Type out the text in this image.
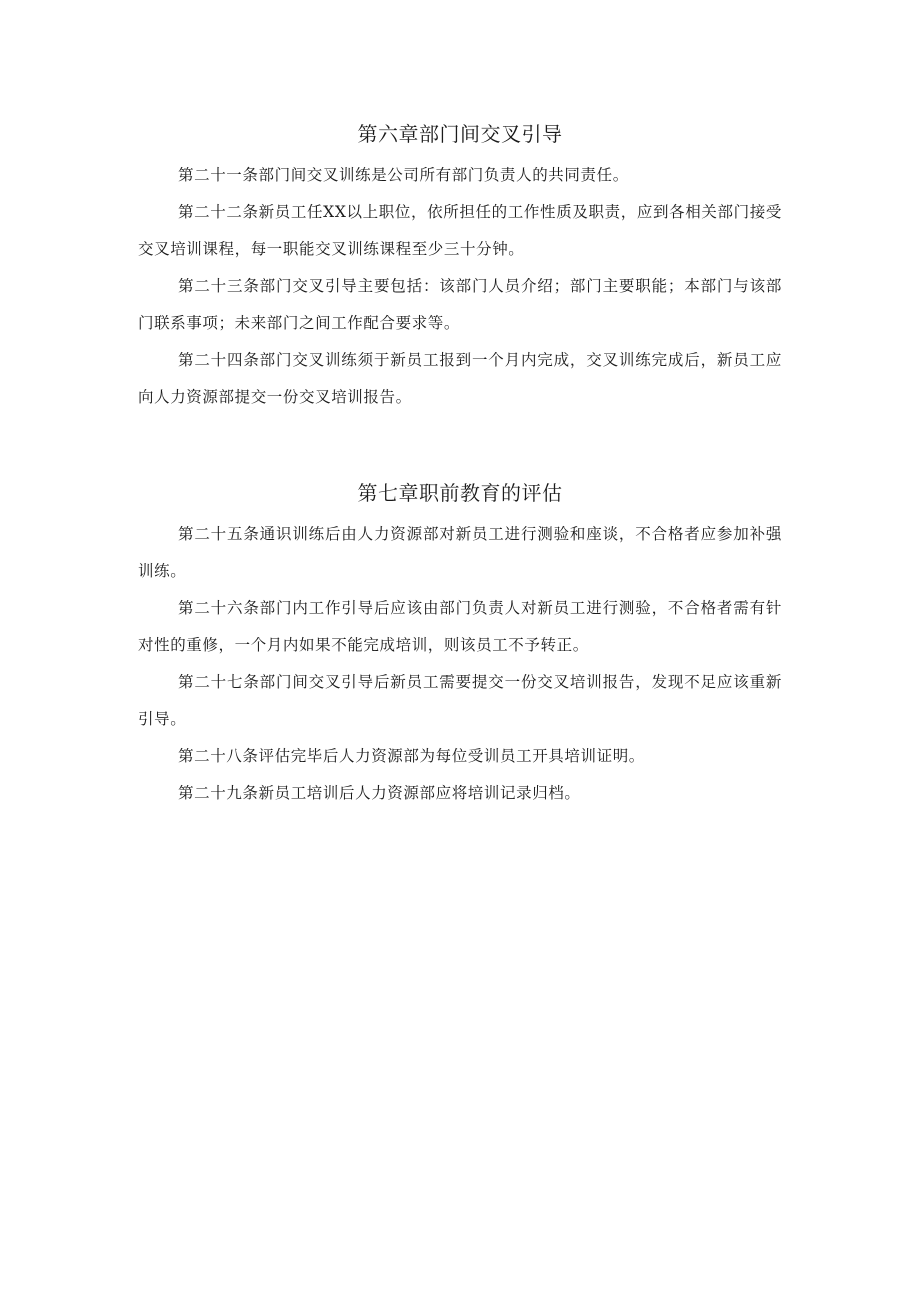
第六章部门间交叉引导

第二十一条部门间交叉训练是公司所有部门负责人的共同责任。

第二十二条新员工任XX以上职位，依所担任的工作性质及职责，应到各相关部门接受交叉培训课程，每一职能交叉训练课程至少三十分钟。

第二十三条部门交叉引导主要包括：该部门人员介绍；部门主要职能；本部门与该部门联系事项；未来部门之间工作配合要求等。

第二十四条部门交叉训练须于新员工报到一个月内完成，交叉训练完成后，新员工应向人力资源部提交一份交叉培训报告。

第七章职前教育的评估

第二十五条通识训练后由人力资源部对新员工进行测验和座谈，不合格者应参加补强训练。

第二十六条部门内工作引导后应该由部门负责人对新员工进行测验，不合格者需有针对性的重修，一个月内如果不能完成培训，则该员工不予转正。

第二十七条部门间交叉引导后新员工需要提交一份交叉培训报告，发现不足应该重新引导。

第二十八条评估完毕后人力资源部为每位受训员工开具培训证明。

第二十九条新员工培训后人力资源部应将培训记录归档。
